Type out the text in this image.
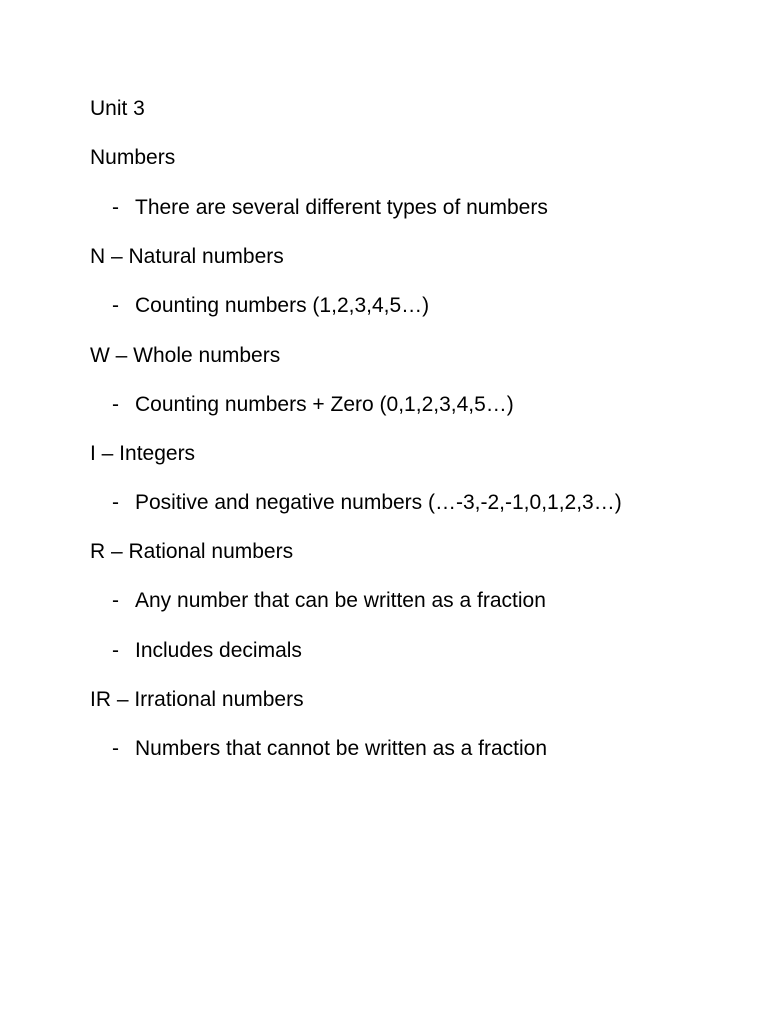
Unit 3
Numbers
- There are several different types of numbers
N – Natural numbers
- Counting numbers (1,2,3,4,5…)
W – Whole numbers
- Counting numbers + Zero (0,1,2,3,4,5…)
I – Integers
- Positive and negative numbers (…-3,-2,-1,0,1,2,3…)
R – Rational numbers
- Any number that can be written as a fraction
- Includes decimals
IR – Irrational numbers
- Numbers that cannot be written as a fraction
